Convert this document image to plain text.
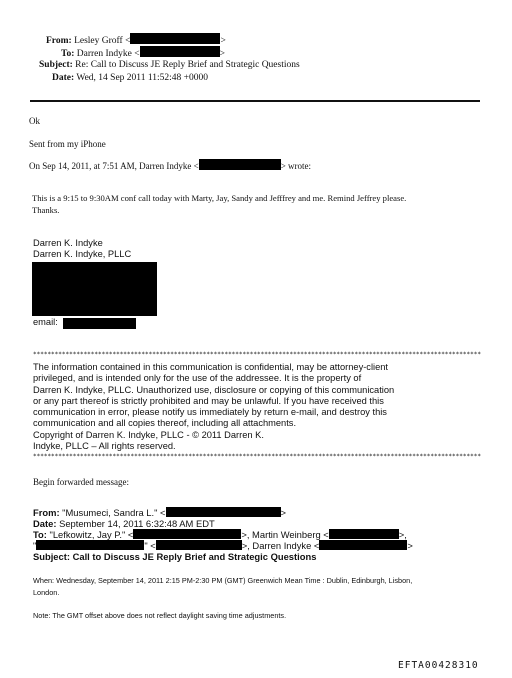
From: Lesley Groff <	>
To: Darren Indyke <	>
Subject: Re: Call to Discuss JE Reply Brief and Strategic Questions
Date: Wed, 14 Sep 2011 11:52:48 +0000
Ok
Sent from my iPhone
On Sep 14, 2011, at 7:51 AM, Darren Indyke <	> wrote:
This is a 9:15 to 9:30AM conf call today with Marty, Jay, Sandy and Jefffrey and me. Remind Jeffrey please.
Thanks.
Darren K. Indyke
Darren K. Indyke, PLLC
email:
****************************************************************************************************************************
The information contained in this communication is confidential, may be attorney-client
privileged, and is intended only for the use of the addressee. It is the property of
Darren K. Indyke, PLLC. Unauthorized use, disclosure or copying of this communication
or any part thereof is strictly prohibited and may be unlawful. If you have received this
communication in error, please notify us immediately by return e-mail, and destroy this
communication and all copies thereof, including all attachments.
Copyright of Darren K. Indyke, PLLC - © 2011 Darren K.
Indyke, PLLC – All rights reserved.
****************************************************************************************************************************
Begin forwarded message:
From: "Musumeci, Sandra L." <	>
Date: September 14, 2011 6:32:48 AM EDT
To: "Lefkowitz, Jay P." <	>, Martin Weinberg <	>,
"	" <	>, Darren Indyke <	>
Subject: Call to Discuss JE Reply Brief and Strategic Questions
When: Wednesday, September 14, 2011 2:15 PM-2:30 PM (GMT) Greenwich Mean Time : Dublin, Edinburgh, Lisbon,
London.
Note: The GMT offset above does not reflect daylight saving time adjustments.
EFTA00428310
